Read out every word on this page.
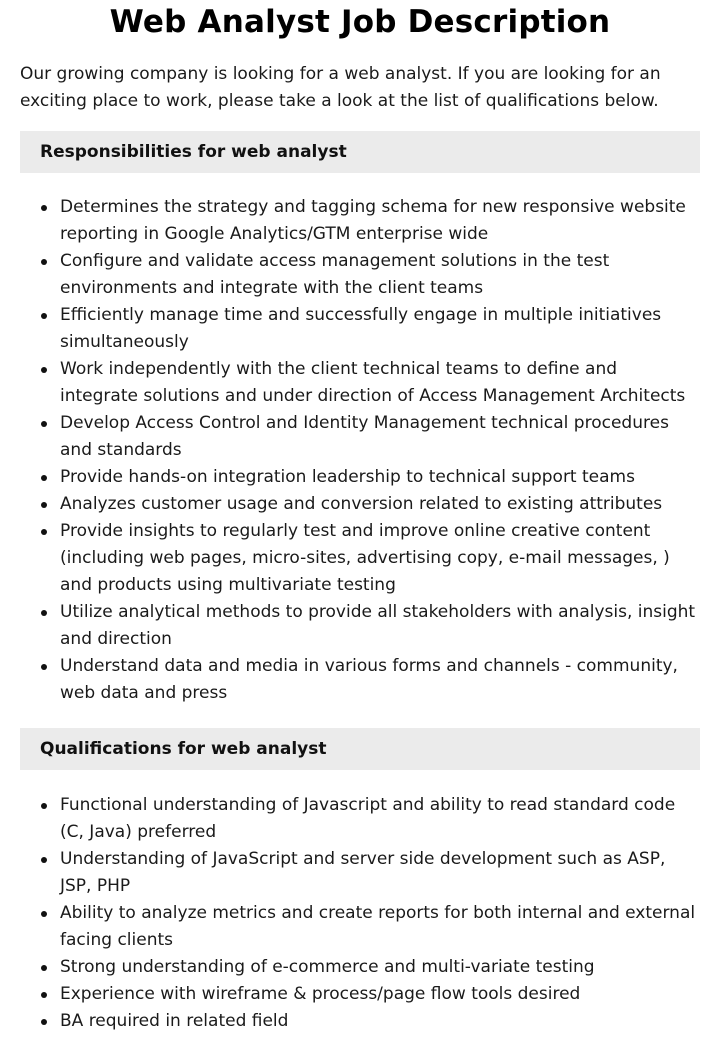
Web Analyst Job Description

Our growing company is looking for a web analyst. If you are looking for an exciting place to work, please take a look at the list of qualifications below.

Responsibilities for web analyst
Determines the strategy and tagging schema for new responsive website reporting in Google Analytics/GTM enterprise wide
Configure and validate access management solutions in the test environments and integrate with the client teams
Efficiently manage time and successfully engage in multiple initiatives simultaneously
Work independently with the client technical teams to define and integrate solutions and under direction of Access Management Architects
Develop Access Control and Identity Management technical procedures and standards
Provide hands-on integration leadership to technical support teams
Analyzes customer usage and conversion related to existing attributes
Provide insights to regularly test and improve online creative content (including web pages, micro-sites, advertising copy, e-mail messages, ) and products using multivariate testing
Utilize analytical methods to provide all stakeholders with analysis, insight and direction
Understand data and media in various forms and channels - community, web data and press
Qualifications for web analyst
Functional understanding of Javascript and ability to read standard code (C, Java) preferred
Understanding of JavaScript and server side development such as ASP, JSP, PHP
Ability to analyze metrics and create reports for both internal and external facing clients
Strong understanding of e-commerce and multi-variate testing
Experience with wireframe & process/page flow tools desired
BA required in related field
